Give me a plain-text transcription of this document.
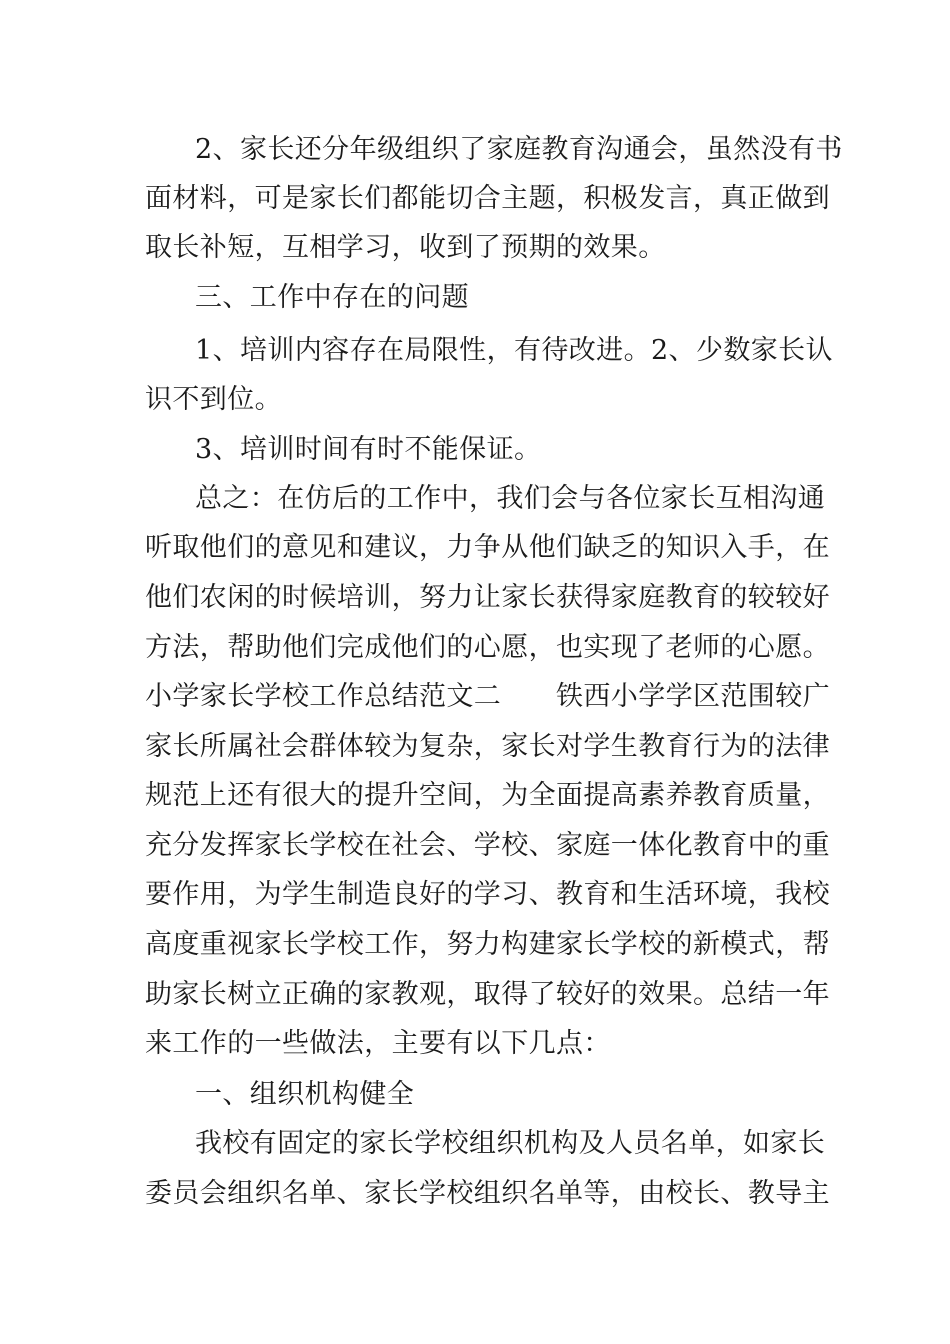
2、家长还分年级组织了家庭教育沟通会，虽然没有书
面材料，可是家长们都能切合主题，积极发言，真正做到
取长补短，互相学习，收到了预期的效果。
三、工作中存在的问题
1、培训内容存在局限性，有待改进。2、少数家长认
识不到位。
3、培训时间有时不能保证。
总之：在仿后的工作中，我们会与各位家长互相沟通
听取他们的意见和建议，力争从他们缺乏的知识入手，在
他们农闲的时候培训，努力让家长获得家庭教育的较较好
方法，帮助他们完成他们的心愿，也实现了老师的心愿。
小学家长学校工作总结范文二　　铁西小学学区范围较广
家长所属社会群体较为复杂，家长对学生教育行为的法律
规范上还有很大的提升空间，为全面提高素养教育质量，
充分发挥家长学校在社会、学校、家庭一体化教育中的重
要作用，为学生制造良好的学习、教育和生活环境，我校
高度重视家长学校工作，努力构建家长学校的新模式，帮
助家长树立正确的家教观，取得了较好的效果。总结一年
来工作的一些做法，主要有以下几点：
一、组织机构健全
我校有固定的家长学校组织机构及人员名单，如家长
委员会组织名单、家长学校组织名单等，由校长、教导主
